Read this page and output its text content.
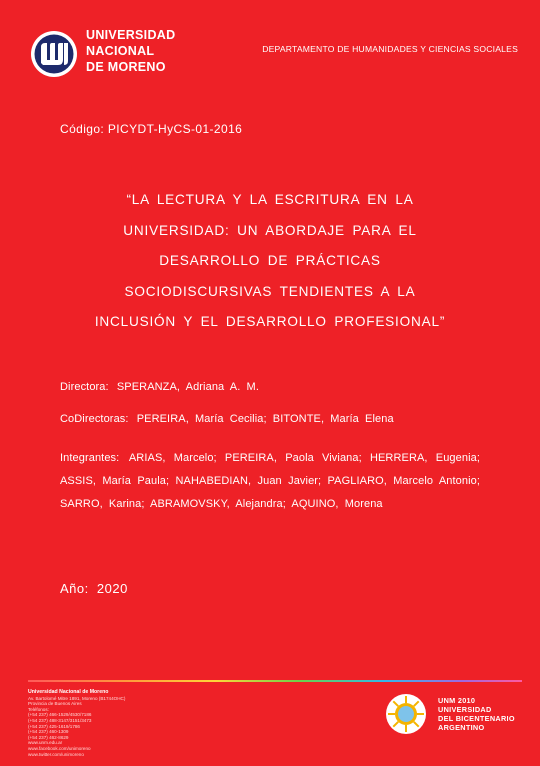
UNIVERSIDAD
NACIONAL
DE MORENO
DEPARTAMENTO DE HUMANIDADES Y CIENCIAS SOCIALES
Código: PICYDT-HyCS-01-2016
“LA LECTURA Y LA ESCRITURA EN LA
UNIVERSIDAD: UN ABORDAJE PARA EL
DESARROLLO DE PRÁCTICAS
SOCIODISCURSIVAS TENDIENTES A LA
INCLUSIÓN Y EL DESARROLLO PROFESIONAL”
Directora: SPERANZA, Adriana A. M.
CoDirectoras: PEREIRA, María Cecilia; BITONTE, María Elena
Integrantes: ARIAS, Marcelo; PEREIRA, Paola Viviana; HERRERA, Eugenia; ASSIS, María Paula; NAHABEDIAN, Juan Javier; PAGLIARO, Marcelo Antonio; SARRO, Karina; ABRAMOVSKY, Alejandra; AQUINO, Morena
Año: 2020
Universidad Nacional de Moreno
Av. Bartolomé Mitre 1891, Moreno (B1744OHC)
Provincia de Buenos Aires
Teléfonos:
(+54 237) 466-1529/4530/7186
(+54 237) 488-3147/3151/3473
(+54 237) 425-1619/1786
(+54 237) 460-1309
(+54 237) 462-8629
www.unm.edu.ar
www.facebook.com/unimoreno
www.twitter.com/unimoreno
UNM 2010
UNIVERSIDAD
DEL BICENTENARIO
ARGENTINO
